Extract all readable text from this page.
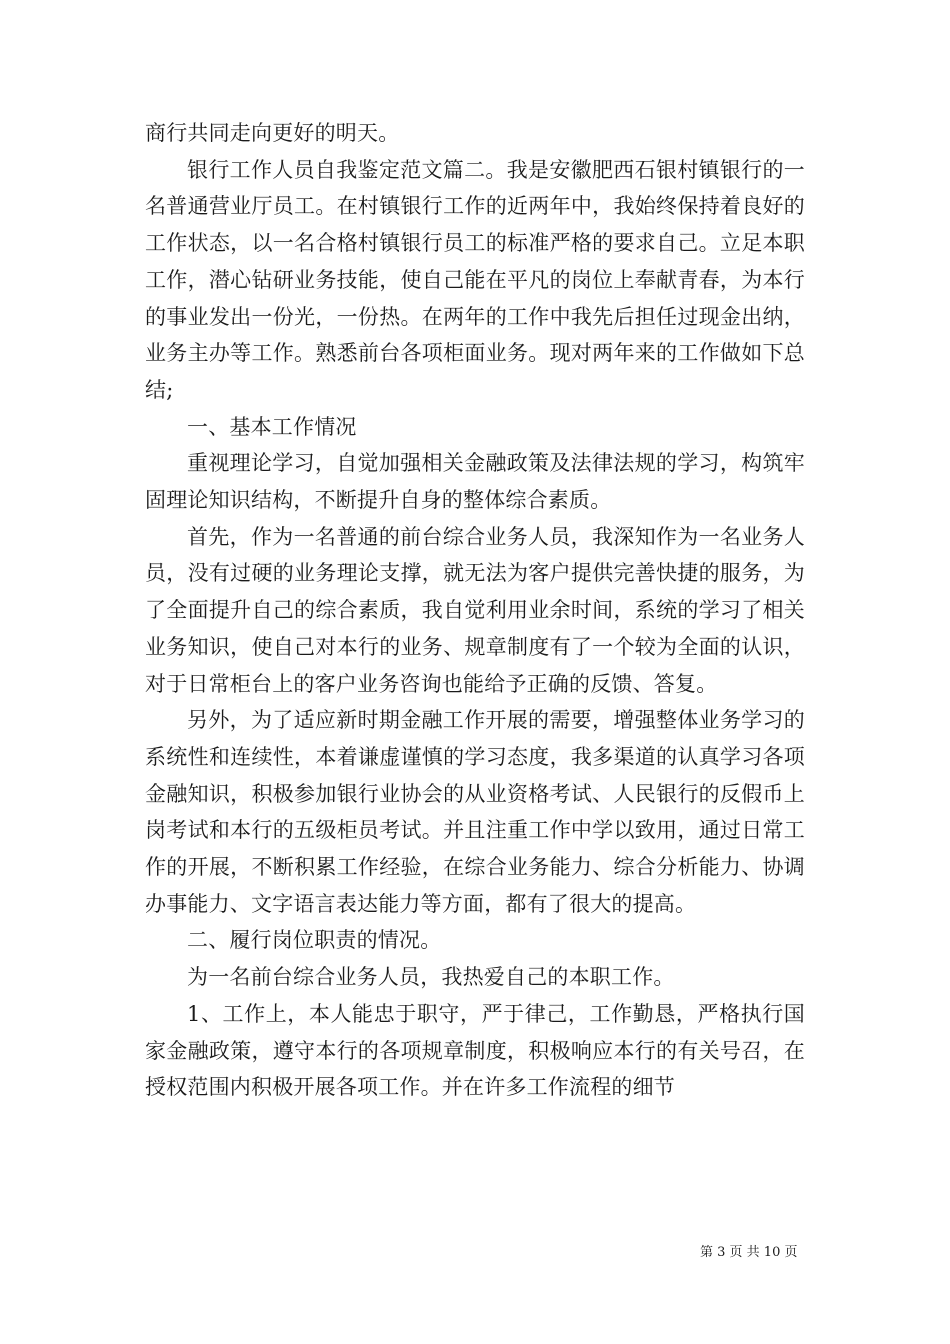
商行共同走向更好的明天。

银行工作人员自我鉴定范文篇二。我是安徽肥西石银村镇银行的一名普通营业厅员工。在村镇银行工作的近两年中，我始终保持着良好的工作状态，以一名合格村镇银行员工的标准严格的要求自己。立足本职工作，潜心钻研业务技能，使自己能在平凡的岗位上奉献青春，为本行的事业发出一份光，一份热。在两年的工作中我先后担任过现金出纳，业务主办等工作。熟悉前台各项柜面业务。现对两年来的工作做如下总结;

一、基本工作情况

重视理论学习，自觉加强相关金融政策及法律法规的学习，构筑牢固理论知识结构，不断提升自身的整体综合素质。

首先，作为一名普通的前台综合业务人员，我深知作为一名业务人员，没有过硬的业务理论支撑，就无法为客户提供完善快捷的服务，为了全面提升自己的综合素质，我自觉利用业余时间，系统的学习了相关业务知识，使自己对本行的业务、规章制度有了一个较为全面的认识，对于日常柜台上的客户业务咨询也能给予正确的反馈、答复。

另外，为了适应新时期金融工作开展的需要，增强整体业务学习的系统性和连续性，本着谦虚谨慎的学习态度，我多渠道的认真学习各项金融知识，积极参加银行业协会的从业资格考试、人民银行的反假币上岗考试和本行的五级柜员考试。并且注重工作中学以致用，通过日常工作的开展，不断积累工作经验，在综合业务能力、综合分析能力、协调办事能力、文字语言表达能力等方面，都有了很大的提高。

二、履行岗位职责的情况。

为一名前台综合业务人员，我热爱自己的本职工作。

1、工作上，本人能忠于职守，严于律己，工作勤恳，严格执行国家金融政策，遵守本行的各项规章制度，积极响应本行的有关号召，在授权范围内积极开展各项工作。并在许多工作流程的细节

第 3 页 共 10 页
